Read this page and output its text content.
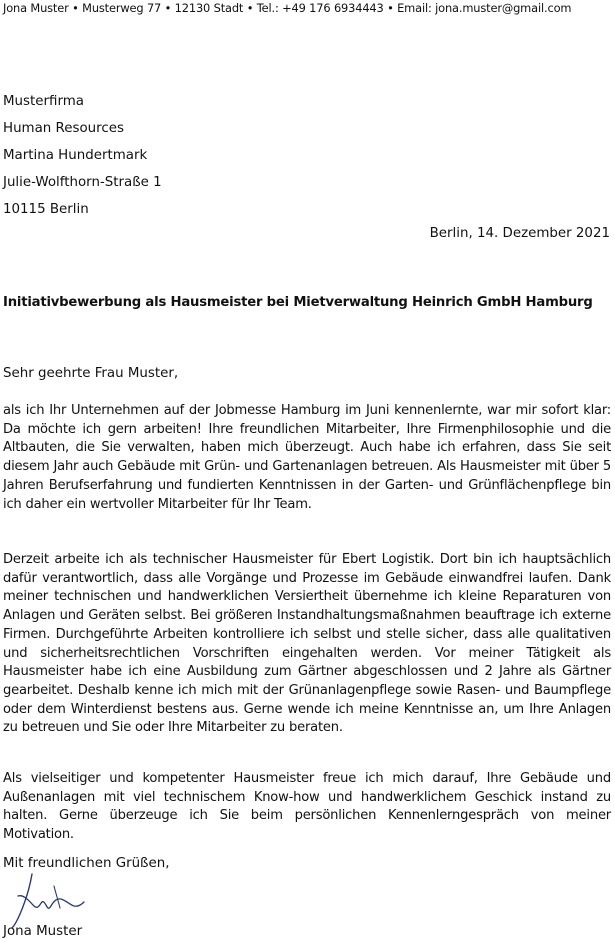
Jona Muster • Musterweg 77 • 12130 Stadt • Tel.: +49 176 6934443 • Email: jona.muster@gmail.com
Musterfirma
Human Resources
Martina Hundertmark
Julie-Wolfthorn-Straße 1
10115 Berlin
Berlin, 14. Dezember 2021
Initiativbewerbung als Hausmeister bei Mietverwaltung Heinrich GmbH Hamburg
Sehr geehrte Frau Muster,
als ich Ihr Unternehmen auf der Jobmesse Hamburg im Juni kennenlernte, war mir sofort klar: Da möchte ich gern arbeiten! Ihre freundlichen Mitarbeiter, Ihre Firmenphilosophie und die Altbauten, die Sie verwalten, haben mich überzeugt. Auch habe ich erfahren, dass Sie seit diesem Jahr auch Gebäude mit Grün- und Gartenanlagen betreuen. Als Hausmeister mit über 5 Jahren Berufserfahrung und fundierten Kenntnissen in der Garten- und Grünflächenpflege bin ich daher ein wertvoller Mitarbeiter für Ihr Team.
Derzeit arbeite ich als technischer Hausmeister für Ebert Logistik. Dort bin ich hauptsächlich dafür verantwortlich, dass alle Vorgänge und Prozesse im Gebäude einwandfrei laufen. Dank meiner technischen und handwerklichen Versiertheit übernehme ich kleine Reparaturen von Anlagen und Geräten selbst. Bei größeren Instandhaltungsmaßnahmen beauftrage ich externe Firmen. Durchgeführte Arbeiten kontrolliere ich selbst und stelle sicher, dass alle qualitativen und sicherheitsrechtlichen Vorschriften eingehalten werden. Vor meiner Tätigkeit als Hausmeister habe ich eine Ausbildung zum Gärtner abgeschlossen und 2 Jahre als Gärtner gearbeitet. Deshalb kenne ich mich mit der Grünanlagenpflege sowie Rasen- und Baumpflege oder dem Winterdienst bestens aus. Gerne wende ich meine Kenntnisse an, um Ihre Anlagen zu betreuen und Sie oder Ihre Mitarbeiter zu beraten.
Als vielseitiger und kompetenter Hausmeister freue ich mich darauf, Ihre Gebäude und Außenanlagen mit viel technischem Know-how und handwerklichem Geschick instand zu halten. Gerne überzeuge ich Sie beim persönlichen Kennenlerngespräch von meiner Motivation.
Mit freundlichen Grüßen,
Jona Muster
